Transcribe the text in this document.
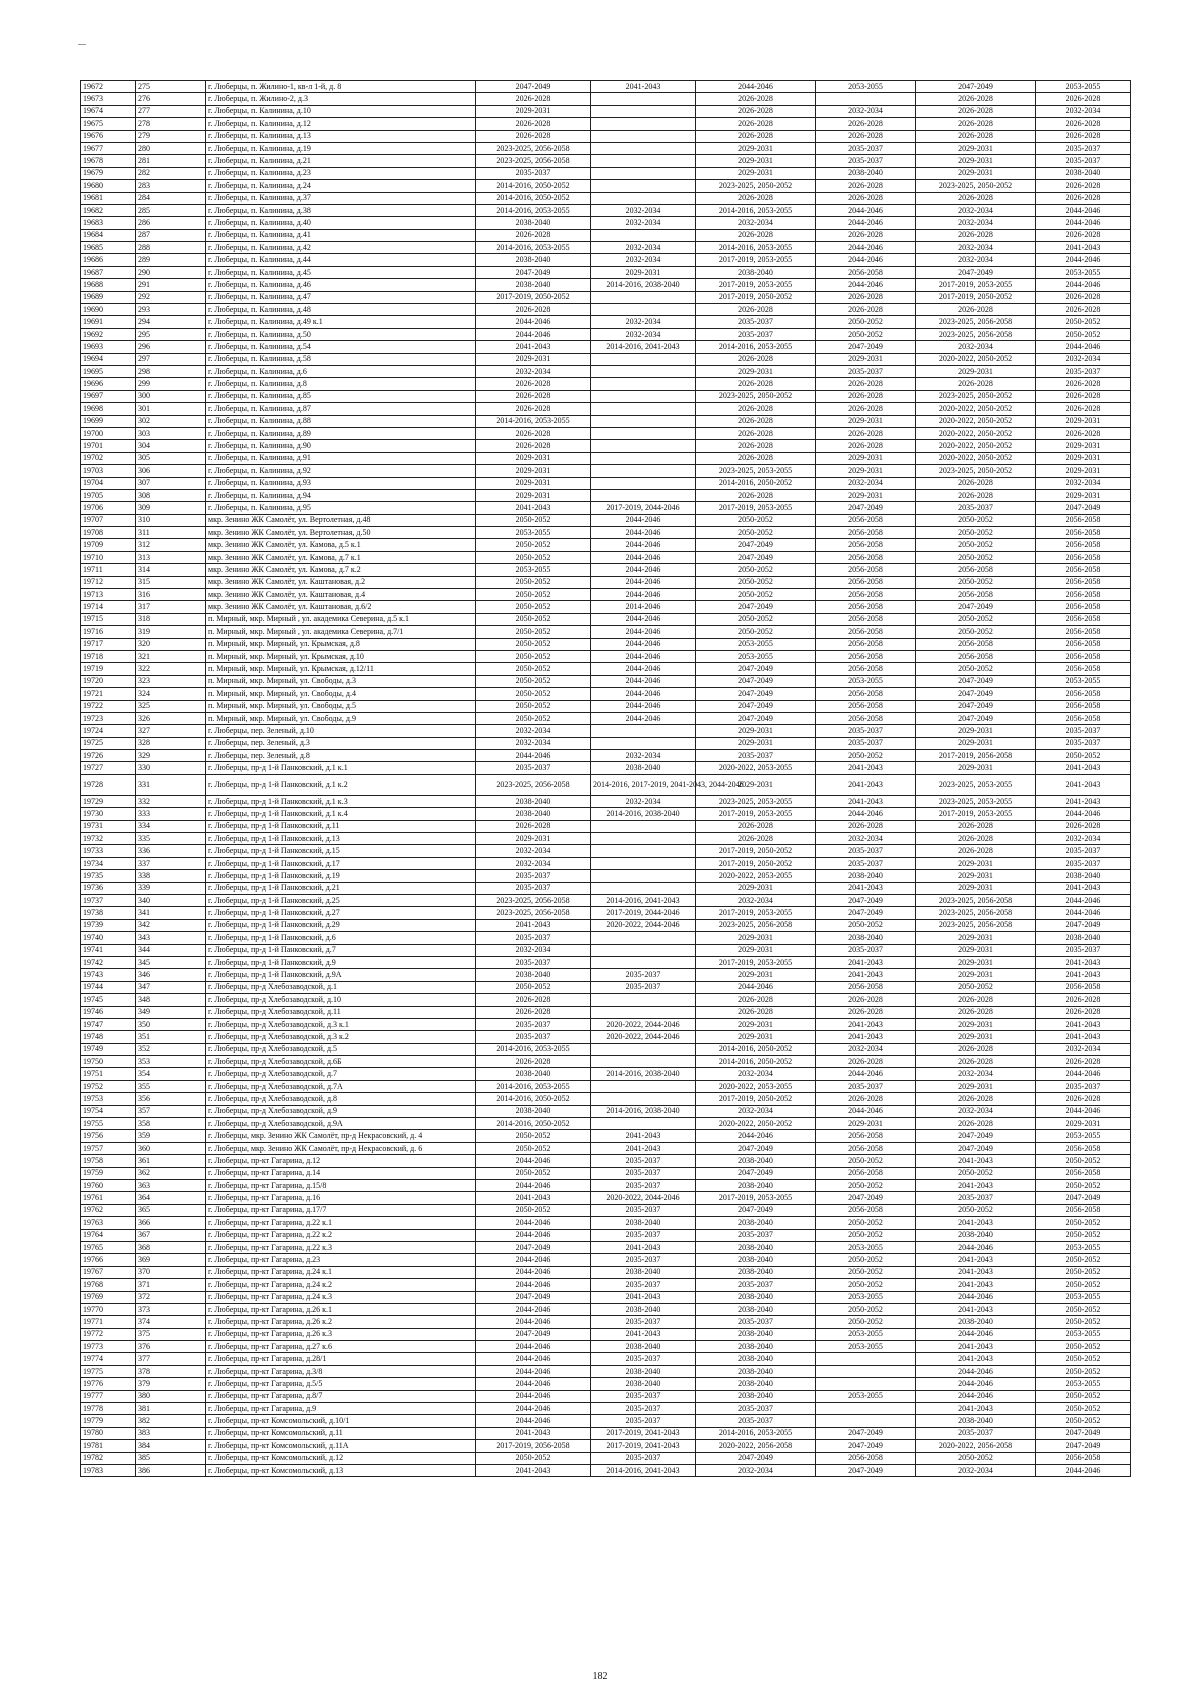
19672	275	г. Люберцы, п. Жилино-1, кв-л 1-й, д. 8	2047-2049	2041-2043	2044-2046	2053-2055	2047-2049	2053-2055
19673	276	г. Люберцы, п. Жилино-2, д.3	2026-2028		2026-2028		2026-2028	2026-2028
19674	277	г. Люберцы, п. Калинина, д.10	2029-2031		2026-2028	2032-2034	2026-2028	2032-2034
19675	278	г. Люберцы, п. Калинина, д.12	2026-2028		2026-2028	2026-2028	2026-2028	2026-2028
19676	279	г. Люберцы, п. Калинина, д.13	2026-2028		2026-2028	2026-2028	2026-2028	2026-2028
19677	280	г. Люберцы, п. Калинина, д.19	2023-2025, 2056-2058		2029-2031	2035-2037	2029-2031	2035-2037
19678	281	г. Люберцы, п. Калинина, д.21	2023-2025, 2056-2058		2029-2031	2035-2037	2029-2031	2035-2037
19679	282	г. Люберцы, п. Калинина, д.23	2035-2037		2029-2031	2038-2040	2029-2031	2038-2040
19680	283	г. Люберцы, п. Калинина, д.24	2014-2016, 2050-2052		2023-2025, 2050-2052	2026-2028	2023-2025, 2050-2052	2026-2028
19681	284	г. Люберцы, п. Калинина, д.37	2014-2016, 2050-2052		2026-2028	2026-2028	2026-2028	2026-2028
19682	285	г. Люберцы, п. Калинина, д.38	2014-2016, 2053-2055	2032-2034	2014-2016, 2053-2055	2044-2046	2032-2034	2044-2046
19683	286	г. Люберцы, п. Калинина, д.40	2038-2040	2032-2034	2032-2034	2044-2046	2032-2034	2044-2046
19684	287	г. Люберцы, п. Калинина, д.41	2026-2028		2026-2028	2026-2028	2026-2028	2026-2028
19685	288	г. Люберцы, п. Калинина, д.42	2014-2016, 2053-2055	2032-2034	2014-2016, 2053-2055	2044-2046	2032-2034	2041-2043
19686	289	г. Люберцы, п. Калинина, д.44	2038-2040	2032-2034	2017-2019, 2053-2055	2044-2046	2032-2034	2044-2046
19687	290	г. Люберцы, п. Калинина, д.45	2047-2049	2029-2031	2038-2040	2056-2058	2047-2049	2053-2055
19688	291	г. Люберцы, п. Калинина, д.46	2038-2040	2014-2016, 2038-2040	2017-2019, 2053-2055	2044-2046	2017-2019, 2053-2055	2044-2046
19689	292	г. Люберцы, п. Калинина, д.47	2017-2019, 2050-2052		2017-2019, 2050-2052	2026-2028	2017-2019, 2050-2052	2026-2028
19690	293	г. Люберцы, п. Калинина, д.48	2026-2028		2026-2028	2026-2028	2026-2028	2026-2028
19691	294	г. Люберцы, п. Калинина, д.49 к.1	2044-2046	2032-2034	2035-2037	2050-2052	2023-2025, 2056-2058	2050-2052
19692	295	г. Люберцы, п. Калинина, д.50	2044-2046	2032-2034	2035-2037	2050-2052	2023-2025, 2056-2058	2050-2052
19693	296	г. Люберцы, п. Калинина, д.54	2041-2043	2014-2016, 2041-2043	2014-2016, 2053-2055	2047-2049	2032-2034	2044-2046
19694	297	г. Люберцы, п. Калинина, д.58	2029-2031		2026-2028	2029-2031	2020-2022, 2050-2052	2032-2034
19695	298	г. Люберцы, п. Калинина, д.6	2032-2034		2029-2031	2035-2037	2029-2031	2035-2037
19696	299	г. Люберцы, п. Калинина, д.8	2026-2028		2026-2028	2026-2028	2026-2028	2026-2028
19697	300	г. Люберцы, п. Калинина, д.85	2026-2028		2023-2025, 2050-2052	2026-2028	2023-2025, 2050-2052	2026-2028
19698	301	г. Люберцы, п. Калинина, д.87	2026-2028		2026-2028	2026-2028	2020-2022, 2050-2052	2026-2028
19699	302	г. Люберцы, п. Калинина, д.88	2014-2016, 2053-2055		2026-2028	2029-2031	2020-2022, 2050-2052	2029-2031
19700	303	г. Люберцы, п. Калинина, д.89	2026-2028		2026-2028	2026-2028	2020-2022, 2050-2052	2026-2028
19701	304	г. Люберцы, п. Калинина, д.90	2026-2028		2026-2028	2026-2028	2020-2022, 2050-2052	2029-2031
19702	305	г. Люберцы, п. Калинина, д.91	2029-2031		2026-2028	2029-2031	2020-2022, 2050-2052	2029-2031
19703	306	г. Люберцы, п. Калинина, д.92	2029-2031		2023-2025, 2053-2055	2029-2031	2023-2025, 2050-2052	2029-2031
19704	307	г. Люберцы, п. Калинина, д.93	2029-2031		2014-2016, 2050-2052	2032-2034	2026-2028	2032-2034
19705	308	г. Люберцы, п. Калинина, д.94	2029-2031		2026-2028	2029-2031	2026-2028	2029-2031
19706	309	г. Люберцы, п. Калинина, д.95	2041-2043	2017-2019, 2044-2046	2017-2019, 2053-2055	2047-2049	2035-2037	2047-2049
19707	310	мкр. Зенино ЖК Самолёт, ул. Вертолетная, д.48	2050-2052	2044-2046	2050-2052	2056-2058	2050-2052	2056-2058
19708	311	мкр. Зенино ЖК Самолёт, ул. Вертолетная, д.50	2053-2055	2044-2046	2050-2052	2056-2058	2050-2052	2056-2058
19709	312	мкр. Зенино ЖК Самолёт, ул. Камова, д.5 к.1	2050-2052	2044-2046	2047-2049	2056-2058	2050-2052	2056-2058
19710	313	мкр. Зенино ЖК Самолёт, ул. Камова, д.7 к.1	2050-2052	2044-2046	2047-2049	2056-2058	2050-2052	2056-2058
19711	314	мкр. Зенино ЖК Самолёт, ул. Камова, д.7 к.2	2053-2055	2044-2046	2050-2052	2056-2058	2056-2058	2056-2058
19712	315	мкр. Зенино ЖК Самолёт, ул. Каштановая, д.2	2050-2052	2044-2046	2050-2052	2056-2058	2050-2052	2056-2058
19713	316	мкр. Зенино ЖК Самолёт, ул. Каштановая, д.4	2050-2052	2044-2046	2050-2052	2056-2058	2056-2058	2056-2058
19714	317	мкр. Зенино ЖК Самолёт, ул. Каштановая, д.6/2	2050-2052	2014-2046	2047-2049	2056-2058	2047-2049	2056-2058
19715	318	п. Мирный, мкр. Мирный , ул. академика Северина, д.5 к.1	2050-2052	2044-2046	2050-2052	2056-2058	2050-2052	2056-2058
19716	319	п. Мирный, мкр. Мирный , ул. академика Северина, д.7/1	2050-2052	2044-2046	2050-2052	2056-2058	2050-2052	2056-2058
19717	320	п. Мирный, мкр. Мирный, ул. Крымская, д.8	2050-2052	2044-2046	2053-2055	2056-2058	2056-2058	2056-2058
19718	321	п. Мирный, мкр. Мирный, ул. Крымская, д.10	2050-2052	2044-2046	2053-2055	2056-2058	2056-2058	2056-2058
19719	322	п. Мирный, мкр. Мирный, ул. Крымская, д.12/11	2050-2052	2044-2046	2047-2049	2056-2058	2050-2052	2056-2058
19720	323	п. Мирный, мкр. Мирный, ул. Свободы, д.3	2050-2052	2044-2046	2047-2049	2053-2055	2047-2049	2053-2055
19721	324	п. Мирный, мкр. Мирный, ул. Свободы, д.4	2050-2052	2044-2046	2047-2049	2056-2058	2047-2049	2056-2058
19722	325	п. Мирный, мкр. Мирный, ул. Свободы, д.5	2050-2052	2044-2046	2047-2049	2056-2058	2047-2049	2056-2058
19723	326	п. Мирный, мкр. Мирный, ул. Свободы, д.9	2050-2052	2044-2046	2047-2049	2056-2058	2047-2049	2056-2058
19724	327	г. Люберцы, пер. Зеленый, д.10	2032-2034		2029-2031	2035-2037	2029-2031	2035-2037
19725	328	г. Люберцы, пер. Зеленый, д.3	2032-2034		2029-2031	2035-2037	2029-2031	2035-2037
19726	329	г. Люберцы, пер. Зеленый, д.8	2044-2046	2032-2034	2035-2037	2050-2052	2017-2019, 2056-2058	2050-2052
19727	330	г. Люберцы, пр-д 1-й Панковский, д.1 к.1	2035-2037	2038-2040	2020-2022, 2053-2055	2041-2043	2029-2031	2041-2043
19728	331	г. Люберцы, пр-д 1-й Панковский, д.1 к.2	2023-2025, 2056-2058	2014-2016, 2017-2019, 2041-2043, 2044-2046	2029-2031	2041-2043	2023-2025, 2053-2055	2041-2043
19729	332	г. Люберцы, пр-д 1-й Панковский, д.1 к.3	2038-2040	2032-2034	2023-2025, 2053-2055	2041-2043	2023-2025, 2053-2055	2041-2043
19730	333	г. Люберцы, пр-д 1-й Панковский, д.1 к.4	2038-2040	2014-2016, 2038-2040	2017-2019, 2053-2055	2044-2046	2017-2019, 2053-2055	2044-2046
19731	334	г. Люберцы, пр-д 1-й Панковский, д.11	2026-2028		2026-2028	2026-2028	2026-2028	2026-2028
19732	335	г. Люберцы, пр-д 1-й Панковский, д.13	2029-2031		2026-2028	2032-2034	2026-2028	2032-2034
19733	336	г. Люберцы, пр-д 1-й Панковский, д.15	2032-2034		2017-2019, 2050-2052	2035-2037	2026-2028	2035-2037
19734	337	г. Люберцы, пр-д 1-й Панковский, д.17	2032-2034		2017-2019, 2050-2052	2035-2037	2029-2031	2035-2037
19735	338	г. Люберцы, пр-д 1-й Панковский, д.19	2035-2037		2020-2022, 2053-2055	2038-2040	2029-2031	2038-2040
19736	339	г. Люберцы, пр-д 1-й Панковский, д.21	2035-2037		2029-2031	2041-2043	2029-2031	2041-2043
19737	340	г. Люберцы, пр-д 1-й Панковский, д.25	2023-2025, 2056-2058	2014-2016, 2041-2043	2032-2034	2047-2049	2023-2025, 2056-2058	2044-2046
19738	341	г. Люберцы, пр-д 1-й Панковский, д.27	2023-2025, 2056-2058	2017-2019, 2044-2046	2017-2019, 2053-2055	2047-2049	2023-2025, 2056-2058	2044-2046
19739	342	г. Люберцы, пр-д 1-й Панковский, д.29	2041-2043	2020-2022, 2044-2046	2023-2025, 2056-2058	2050-2052	2023-2025, 2056-2058	2047-2049
19740	343	г. Люберцы, пр-д 1-й Панковский, д.6	2035-2037		2029-2031	2038-2040	2029-2031	2038-2040
19741	344	г. Люберцы, пр-д 1-й Панковский, д.7	2032-2034		2029-2031	2035-2037	2029-2031	2035-2037
19742	345	г. Люберцы, пр-д 1-й Панковский, д.9	2035-2037		2017-2019, 2053-2055	2041-2043	2029-2031	2041-2043
19743	346	г. Люберцы, пр-д 1-й Панковский, д.9А	2038-2040	2035-2037	2029-2031	2041-2043	2029-2031	2041-2043
19744	347	г. Люберцы, пр-д Хлебозаводской, д.1	2050-2052	2035-2037	2044-2046	2056-2058	2050-2052	2056-2058
19745	348	г. Люберцы, пр-д Хлебозаводской, д.10	2026-2028		2026-2028	2026-2028	2026-2028	2026-2028
19746	349	г. Люберцы, пр-д Хлебозаводской, д.11	2026-2028		2026-2028	2026-2028	2026-2028	2026-2028
19747	350	г. Люберцы, пр-д Хлебозаводской, д.3 к.1	2035-2037	2020-2022, 2044-2046	2029-2031	2041-2043	2029-2031	2041-2043
19748	351	г. Люберцы, пр-д Хлебозаводской, д.3 к.2	2035-2037	2020-2022, 2044-2046	2029-2031	2041-2043	2029-2031	2041-2043
19749	352	г. Люберцы, пр-д Хлебозаводской, д.5	2014-2016, 2053-2055		2014-2016, 2050-2052	2032-2034	2026-2028	2032-2034
19750	353	г. Люберцы, пр-д Хлебозаводской, д.6Б	2026-2028		2014-2016, 2050-2052	2026-2028	2026-2028	2026-2028
19751	354	г. Люберцы, пр-д Хлебозаводской, д.7	2038-2040	2014-2016, 2038-2040	2032-2034	2044-2046	2032-2034	2044-2046
19752	355	г. Люберцы, пр-д Хлебозаводской, д.7А	2014-2016, 2053-2055		2020-2022, 2053-2055	2035-2037	2029-2031	2035-2037
19753	356	г. Люберцы, пр-д Хлебозаводской, д.8	2014-2016, 2050-2052		2017-2019, 2050-2052	2026-2028	2026-2028	2026-2028
19754	357	г. Люберцы, пр-д Хлебозаводской, д.9	2038-2040	2014-2016, 2038-2040	2032-2034	2044-2046	2032-2034	2044-2046
19755	358	г. Люберцы, пр-д Хлебозаводской, д.9А	2014-2016, 2050-2052		2020-2022, 2050-2052	2029-2031	2026-2028	2029-2031
19756	359	г. Люберцы, мкр. Зенино ЖК Самолёт, пр-д Некрасовский, д. 4	2050-2052	2041-2043	2044-2046	2056-2058	2047-2049	2053-2055
19757	360	г. Люберцы, мкр. Зенино ЖК Самолёт, пр-д Некрасовский, д. 6	2050-2052	2041-2043	2047-2049	2056-2058	2047-2049	2056-2058
19758	361	г. Люберцы, пр-кт Гагарина, д.12	2044-2046	2035-2037	2038-2040	2050-2052	2041-2043	2050-2052
19759	362	г. Люберцы, пр-кт Гагарина, д.14	2050-2052	2035-2037	2047-2049	2056-2058	2050-2052	2056-2058
19760	363	г. Люберцы, пр-кт Гагарина, д.15/8	2044-2046	2035-2037	2038-2040	2050-2052	2041-2043	2050-2052
19761	364	г. Люберцы, пр-кт Гагарина, д.16	2041-2043	2020-2022, 2044-2046	2017-2019, 2053-2055	2047-2049	2035-2037	2047-2049
19762	365	г. Люберцы, пр-кт Гагарина, д.17/7	2050-2052	2035-2037	2047-2049	2056-2058	2050-2052	2056-2058
19763	366	г. Люберцы, пр-кт Гагарина, д.22 к.1	2044-2046	2038-2040	2038-2040	2050-2052	2041-2043	2050-2052
19764	367	г. Люберцы, пр-кт Гагарина, д.22 к.2	2044-2046	2035-2037	2035-2037	2050-2052	2038-2040	2050-2052
19765	368	г. Люберцы, пр-кт Гагарина, д.22 к.3	2047-2049	2041-2043	2038-2040	2053-2055	2044-2046	2053-2055
19766	369	г. Люберцы, пр-кт Гагарина, д.23	2044-2046	2035-2037	2038-2040	2050-2052	2041-2043	2050-2052
19767	370	г. Люберцы, пр-кт Гагарина, д.24 к.1	2044-2046	2038-2040	2038-2040	2050-2052	2041-2043	2050-2052
19768	371	г. Люберцы, пр-кт Гагарина, д.24 к.2	2044-2046	2035-2037	2035-2037	2050-2052	2041-2043	2050-2052
19769	372	г. Люберцы, пр-кт Гагарина, д.24 к.3	2047-2049	2041-2043	2038-2040	2053-2055	2044-2046	2053-2055
19770	373	г. Люберцы, пр-кт Гагарина, д.26 к.1	2044-2046	2038-2040	2038-2040	2050-2052	2041-2043	2050-2052
19771	374	г. Люберцы, пр-кт Гагарина, д.26 к.2	2044-2046	2035-2037	2035-2037	2050-2052	2038-2040	2050-2052
19772	375	г. Люберцы, пр-кт Гагарина, д.26 к.3	2047-2049	2041-2043	2038-2040	2053-2055	2044-2046	2053-2055
19773	376	г. Люберцы, пр-кт Гагарина, д.27 к.6	2044-2046	2038-2040	2038-2040	2053-2055	2041-2043	2050-2052
19774	377	г. Люберцы, пр-кт Гагарина, д.28/1	2044-2046	2035-2037	2038-2040		2041-2043	2050-2052
19775	378	г. Люберцы, пр-кт Гагарина, д.3/8	2044-2046	2038-2040	2038-2040		2044-2046	2050-2052
19776	379	г. Люберцы, пр-кт Гагарина, д.5/5	2044-2046	2038-2040	2038-2040		2044-2046	2053-2055
19777	380	г. Люберцы, пр-кт Гагарина, д.8/7	2044-2046	2035-2037	2038-2040	2053-2055	2044-2046	2050-2052
19778	381	г. Люберцы, пр-кт Гагарина, д.9	2044-2046	2035-2037	2035-2037		2041-2043	2050-2052
19779	382	г. Люберцы, пр-кт Комсомольский, д.10/1	2044-2046	2035-2037	2035-2037		2038-2040	2050-2052
19780	383	г. Люберцы, пр-кт Комсомольский, д.11	2041-2043	2017-2019, 2041-2043	2014-2016, 2053-2055	2047-2049	2035-2037	2047-2049
19781	384	г. Люберцы, пр-кт Комсомольский, д.11А	2017-2019, 2056-2058	2017-2019, 2041-2043	2020-2022, 2056-2058	2047-2049	2020-2022, 2056-2058	2047-2049
19782	385	г. Люберцы, пр-кт Комсомольский, д.12	2050-2052	2035-2037	2047-2049	2056-2058	2050-2052	2056-2058
19783	386	г. Люберцы, пр-кт Комсомольский, д.13	2041-2043	2014-2016, 2041-2043	2032-2034	2047-2049	2032-2034	2044-2046
182
